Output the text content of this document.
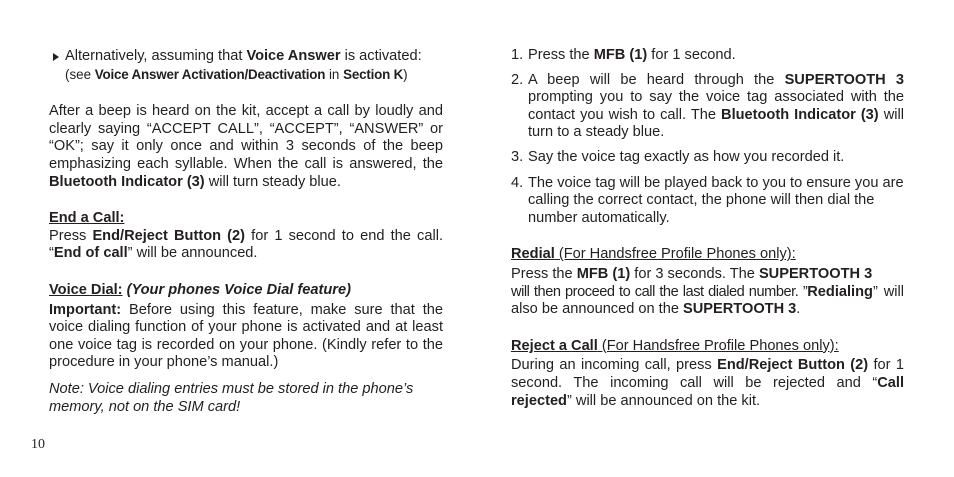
Alternatively, assuming that Voice Answer is activated:
(see Voice Answer Activation/Deactivation in Section K)

After a beep is heard on the kit, accept a call by loudly and clearly saying “ACCEPT CALL”, “ACCEPT”, “ANSWER” or “OK”; say it only once and within 3 seconds of the beep emphasizing each syllable. When the call is answered, the Bluetooth Indicator (3) will turn steady blue.

End a Call:

Press End/Reject Button (2) for 1 second to end the call. “End of call” will be announced.

Voice Dial: (Your phones Voice Dial feature)

Important: Before using this feature, make sure that the voice dialing function of your phone is activated and at least one voice tag is recorded on your phone. (Kindly refer to the procedure in your phone’s manual.)

Note: Voice dialing entries must be stored in the phone’s memory, not on the SIM card!

1. Press the MFB (1) for 1 second.

2. A beep will be heard through the SUPERTOOTH 3 prompting you to say the voice tag associated with the contact you wish to call. The Bluetooth Indicator (3) will turn to a steady blue.

3. Say the voice tag exactly as how you recorded it.

4. The voice tag will be played back to you to ensure you are calling the correct contact, the phone will then dial the number automatically.

Redial (For Handsfree Profile Phones only):

Press the MFB (1) for 3 seconds. The SUPERTOOTH 3
will then proceed to call the last dialed number. ”Redialing” will also be announced on the SUPERTOOTH 3.

Reject a Call (For Handsfree Profile Phones only):

During an incoming call, press End/Reject Button (2) for 1 second. The incoming call will be rejected and “Call rejected” will be announced on the kit.

10
